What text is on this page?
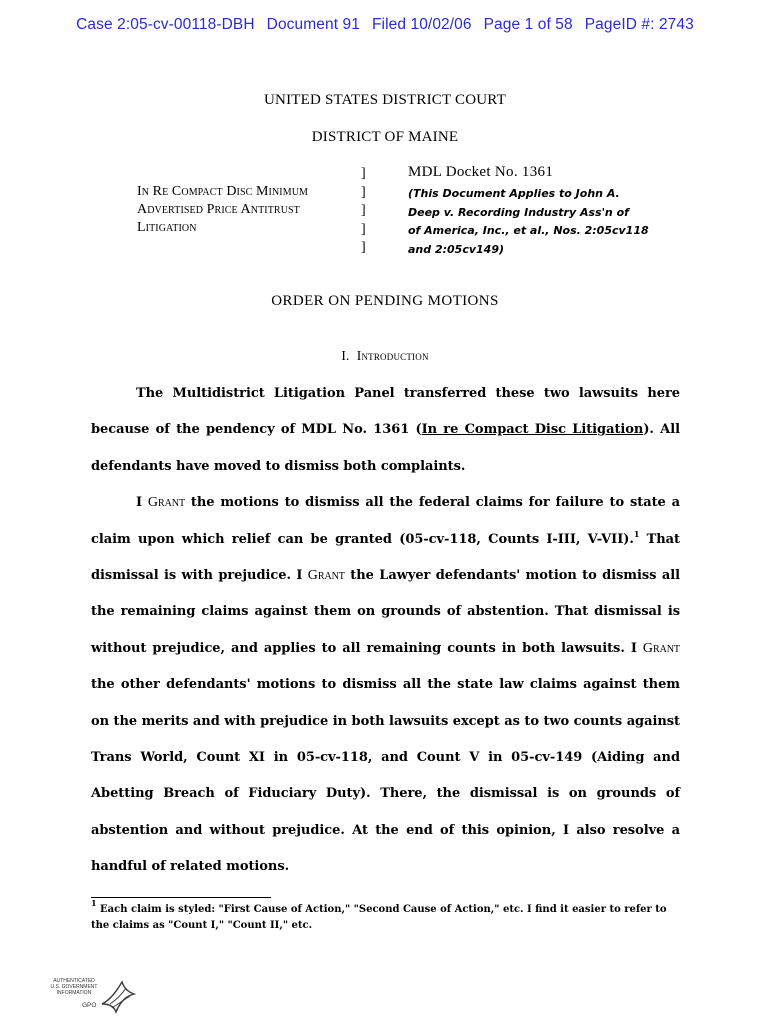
Case 2:05-cv-00118-DBH Document 91 Filed 10/02/06 Page 1 of 58 PageID #: 2743
UNITED STATES DISTRICT COURT
DISTRICT OF MAINE
In Re Compact Disc Minimum
Advertised Price Antitrust
Litigation
]
]
]
]
]
MDL Docket No. 1361
(This Document Applies to John A.
Deep v. Recording Industry Ass'n of
of America, Inc., et al., Nos. 2:05cv118
and 2:05cv149)
ORDER ON PENDING MOTIONS
I. Introduction

The Multidistrict Litigation Panel transferred these two lawsuits here because of the pendency of MDL No. 1361 (In re Compact Disc Litigation). All defendants have moved to dismiss both complaints.

I Grant the motions to dismiss all the federal claims for failure to state a claim upon which relief can be granted (05-cv-118, Counts I-III, V-VII).$^1$ That dismissal is with prejudice. I Grant the Lawyer defendants' motion to dismiss all the remaining claims against them on grounds of abstention. That dismissal is without prejudice, and applies to all remaining counts in both lawsuits. I Grant the other defendants' motions to dismiss all the state law claims against them on the merits and with prejudice in both lawsuits except as to two counts against Trans World, Count XI in 05-cv-118, and Count V in 05-cv-149 (Aiding and Abetting Breach of Fiduciary Duty). There, the dismissal is on grounds of abstention and without prejudice. At the end of this opinion, I also resolve a handful of related motions.

$^1$ Each claim is styled: "First Cause of Action," "Second Cause of Action," etc. I find it easier to refer to the claims as "Count I," "Count II," etc.
AUTHENTICATED
U.S. GOVERNMENT
INFORMATION
GPO
